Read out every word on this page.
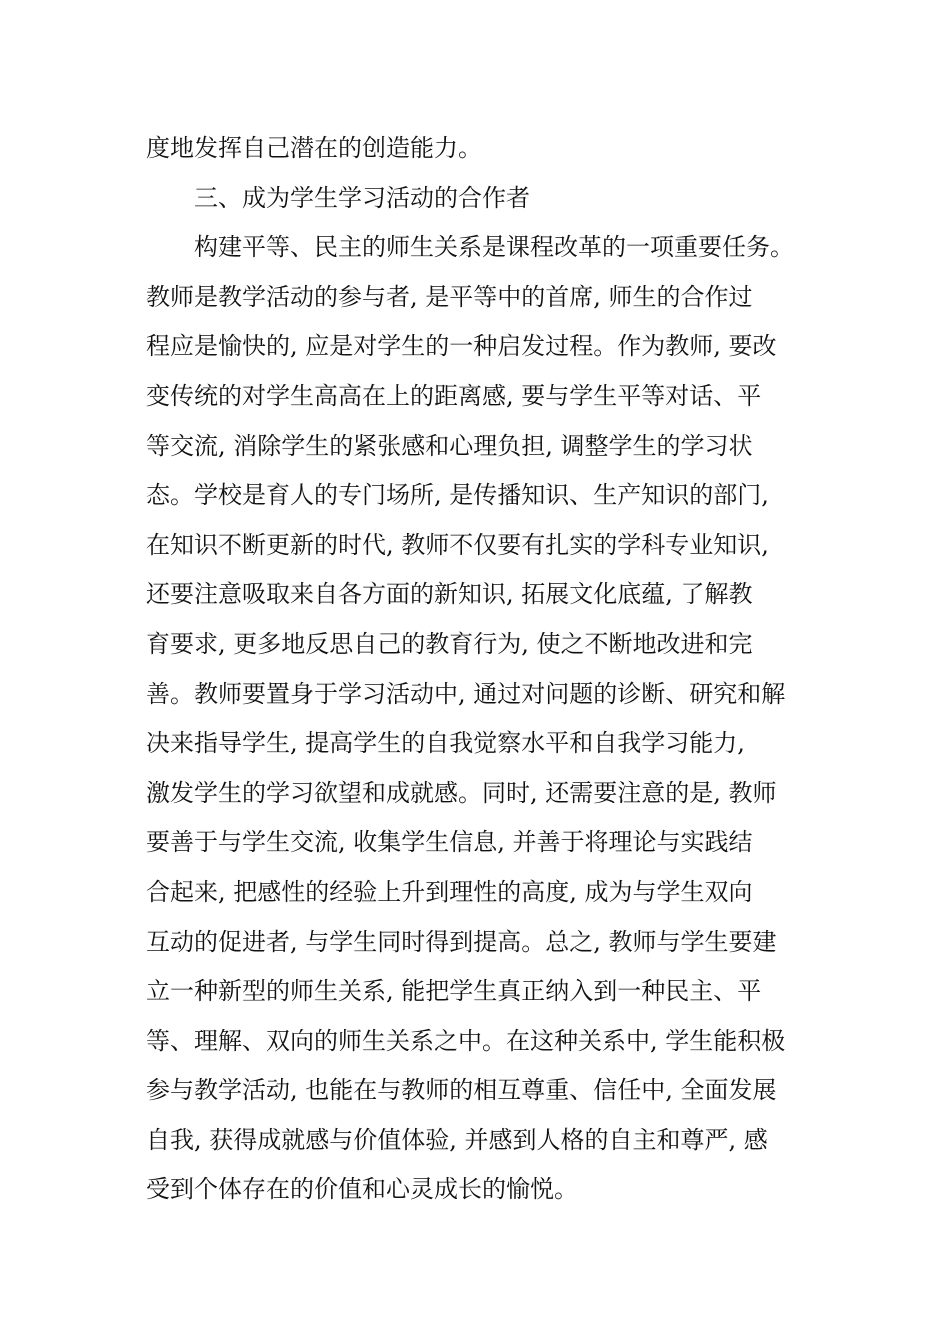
度地发挥自己潜在的创造能力。
三、成为学生学习活动的合作者
构建平等、民主的师生关系是课程改革的一项重要任务。
教师是教学活动的参与者, 是平等中的首席, 师生的合作过
程应是愉快的, 应是对学生的一种启发过程。作为教师, 要改
变传统的对学生高高在上的距离感, 要与学生平等对话、平
等交流, 消除学生的紧张感和心理负担, 调整学生的学习状
态。学校是育人的专门场所, 是传播知识、生产知识的部门,
在知识不断更新的时代, 教师不仅要有扎实的学科专业知识,
还要注意吸取来自各方面的新知识, 拓展文化底蕴, 了解教
育要求, 更多地反思自己的教育行为, 使之不断地改进和完
善。教师要置身于学习活动中, 通过对问题的诊断、研究和解
决来指导学生, 提高学生的自我觉察水平和自我学习能力,
激发学生的学习欲望和成就感。同时, 还需要注意的是, 教师
要善于与学生交流, 收集学生信息, 并善于将理论与实践结
合起来, 把感性的经验上升到理性的高度, 成为与学生双向
互动的促进者, 与学生同时得到提高。总之, 教师与学生要建
立一种新型的师生关系, 能把学生真正纳入到一种民主、平
等、理解、双向的师生关系之中。在这种关系中, 学生能积极
参与教学活动, 也能在与教师的相互尊重、信任中, 全面发展
自我, 获得成就感与价值体验, 并感到人格的自主和尊严, 感
受到个体存在的价值和心灵成长的愉悦。
